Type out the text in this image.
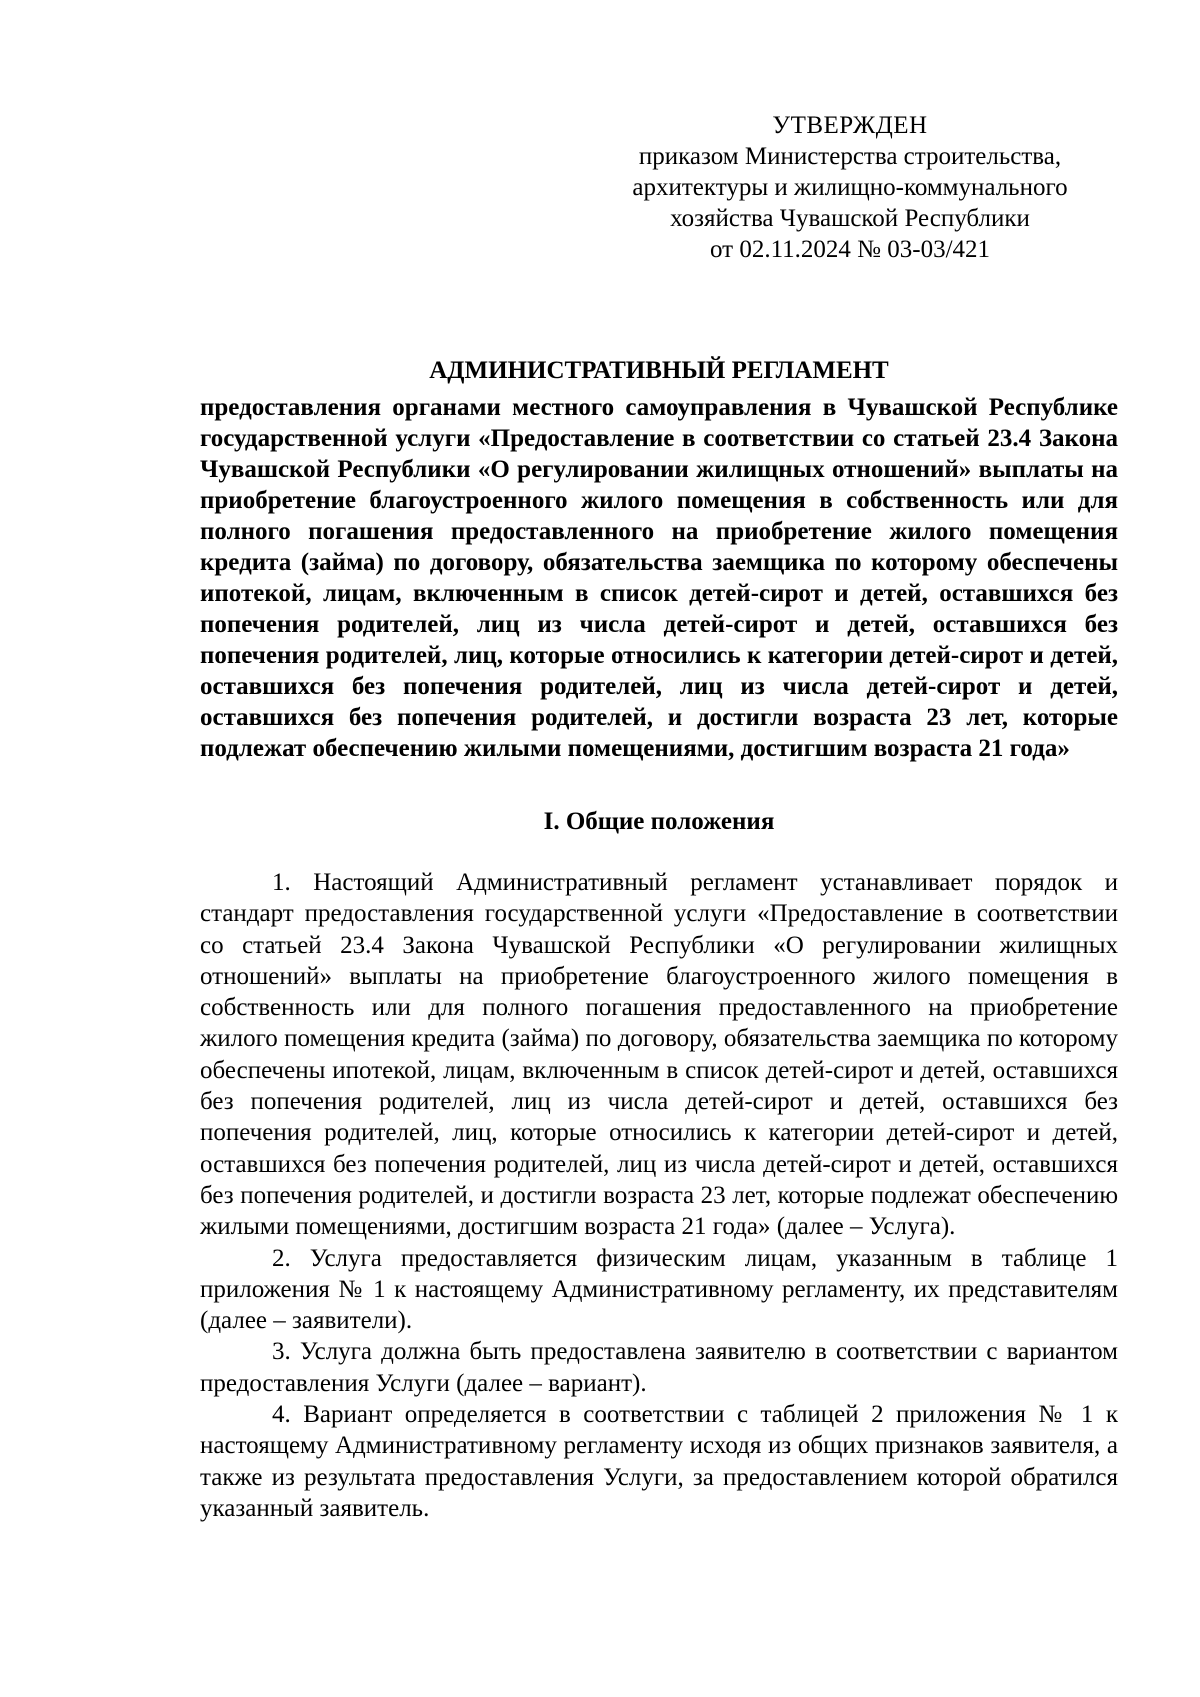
УТВЕРЖДЕН
приказом Министерства строительства,
архитектуры и жилищно-коммунального
хозяйства Чувашской Республики
от 02.11.2024 № 03-03/421
АДМИНИСТРАТИВНЫЙ РЕГЛАМЕНТ

предоставления органами местного самоуправления в Чувашской Республике государственной услуги «Предоставление в соответствии со статьей 23.4 Закона Чувашской Республики «О регулировании жилищных отношений» выплаты на приобретение благоустроенного жилого помещения в собственность или для полного погашения предоставленного на приобретение жилого помещения кредита (займа) по договору, обязательства заемщика по которому обеспечены ипотекой, лицам, включенным в список детей-сирот и детей, оставшихся без попечения родителей, лиц из числа детей-сирот и детей, оставшихся без попечения родителей, лиц, которые относились к категории детей-сирот и детей, оставшихся без попечения родителей, лиц из числа детей-сирот и детей, оставшихся без попечения родителей, и достигли возраста 23 лет, которые подлежат обеспечению жилыми помещениями, достигшим возраста 21 года»

I. Общие положения

1. Настоящий Административный регламент устанавливает порядок и стандарт предоставления государственной услуги «Предоставление в соответствии со статьей 23.4 Закона Чувашской Республики «О регулировании жилищных отношений» выплаты на приобретение благоустроенного жилого помещения в собственность или для полного погашения предоставленного на приобретение жилого помещения кредита (займа) по договору, обязательства заемщика по которому обеспечены ипотекой, лицам, включенным в список детей-сирот и детей, оставшихся без попечения родителей, лиц из числа детей-сирот и детей, оставшихся без попечения родителей, лиц, которые относились к категории детей-сирот и детей, оставшихся без попечения родителей, лиц из числа детей-сирот и детей, оставшихся без попечения родителей, и достигли возраста 23 лет, которые подлежат обеспечению жилыми помещениями, достигшим возраста 21 года» (далее – Услуга).

2. Услуга предоставляется физическим лицам, указанным в таблице 1 приложения № 1 к настоящему Административному регламенту, их представителям (далее – заявители).

3. Услуга должна быть предоставлена заявителю в соответствии с вариантом предоставления Услуги (далее – вариант).

4. Вариант определяется в соответствии с таблицей 2 приложения № 1 к настоящему Административному регламенту исходя из общих признаков заявителя, а также из результата предоставления Услуги, за предоставлением которой обратился указанный заявитель.
